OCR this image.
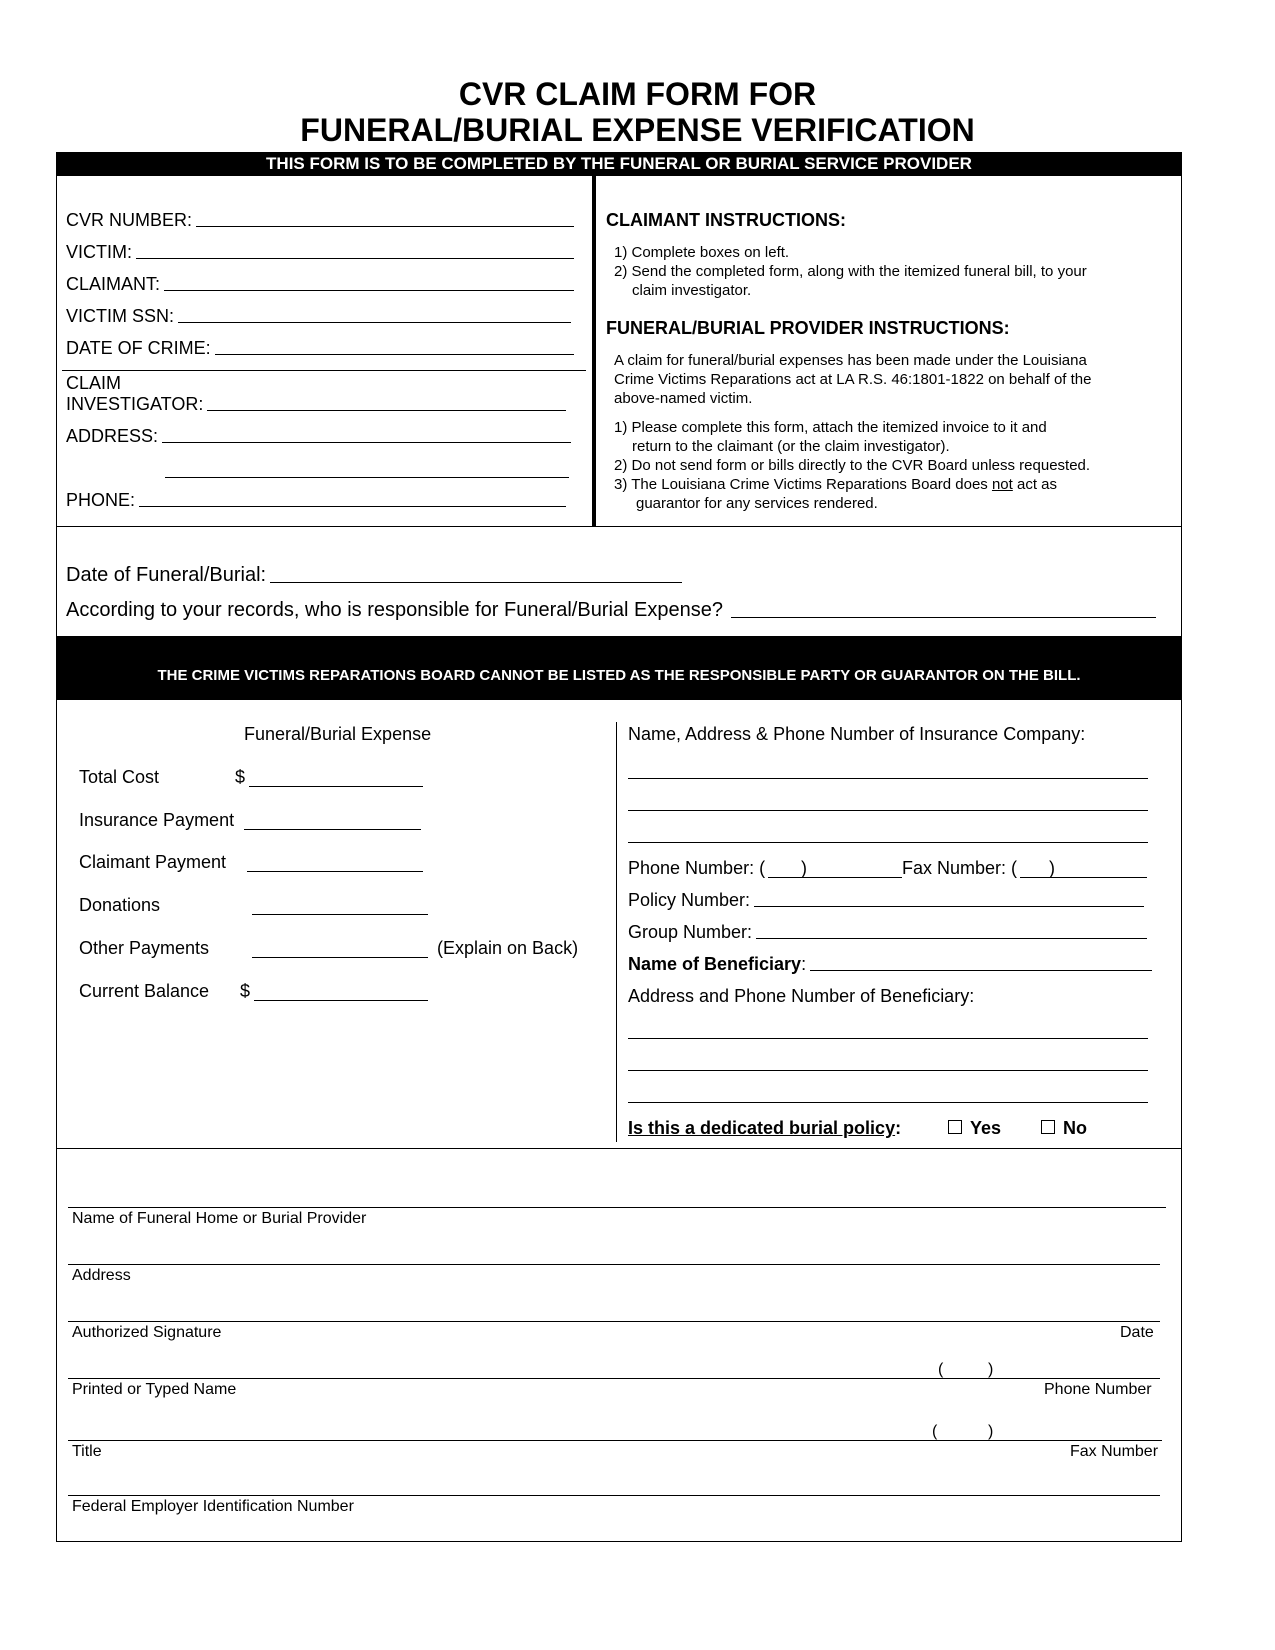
CVR CLAIM FORM FOR
FUNERAL/BURIAL EXPENSE VERIFICATION
THIS FORM IS TO BE COMPLETED BY THE FUNERAL OR BURIAL SERVICE PROVIDER
CVR NUMBER:
VICTIM:
CLAIMANT:
VICTIM SSN:
DATE OF CRIME:
CLAIM
INVESTIGATOR:
ADDRESS:
PHONE:
CLAIMANT INSTRUCTIONS:
1) Complete boxes on left.
2) Send the completed form, along with the itemized funeral bill, to your
claim investigator.
FUNERAL/BURIAL PROVIDER INSTRUCTIONS:
A claim for funeral/burial expenses has been made under the Louisiana
Crime Victims Reparations act at LA R.S. 46:1801-1822 on behalf of the
above-named victim.
1) Please complete this form, attach the itemized invoice to it and
return to the claimant (or the claim investigator).
2) Do not send form or bills directly to the CVR Board unless requested.
3) The Louisiana Crime Victims Reparations Board does not act as
guarantor for any services rendered.
Date of Funeral/Burial:
According to your records, who is responsible for Funeral/Burial Expense?
THE CRIME VICTIMS REPARATIONS BOARD CANNOT BE LISTED AS THE RESPONSIBLE PARTY OR GUARANTOR ON THE BILL.
Funeral/Burial Expense
Total Cost	$
Insurance Payment
Claimant Payment
Donations
Other Payments	(Explain on Back)
Current Balance $
Name, Address & Phone Number of Insurance Company:
Phone Number: ( )	Fax Number: ( )
Policy Number:
Group Number:
Name of Beneficiary :
Address and Phone Number of Beneficiary:
Is this a dedicated burial policy:	Yes	No
Name of Funeral Home or Burial Provider
Address
Authorized Signature	Date
(	)
Printed or Typed Name	Phone Number
(	)
Title	Fax Number
Federal Employer Identification Number
